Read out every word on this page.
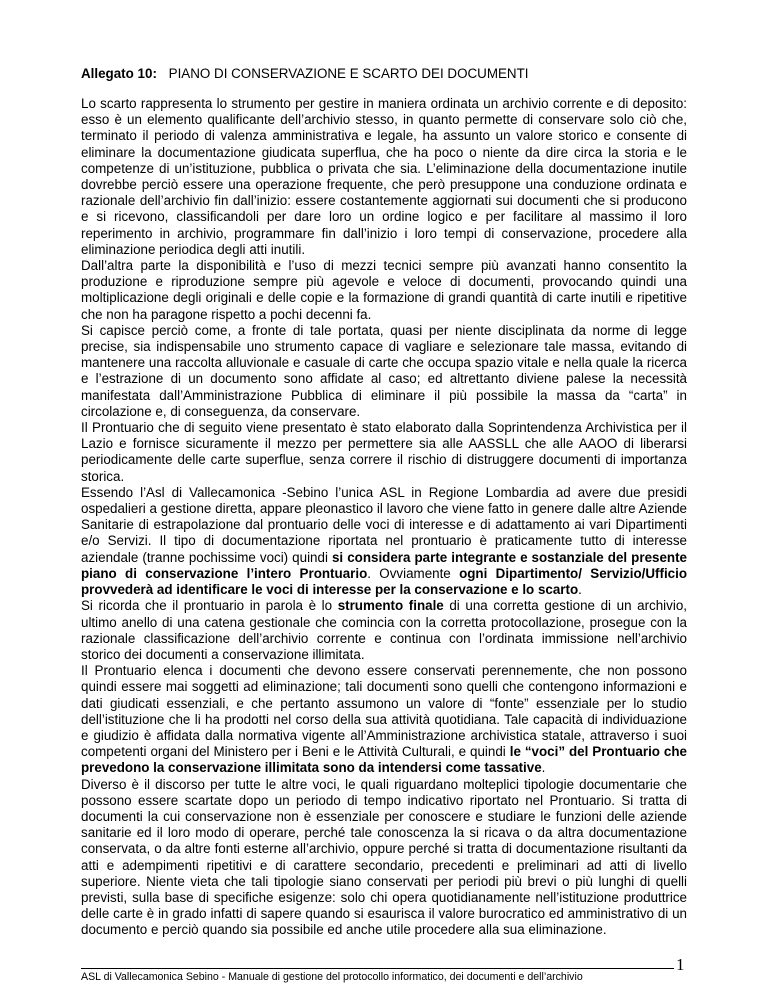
Allegato 10: PIANO DI CONSERVAZIONE E SCARTO DEI DOCUMENTI

Lo scarto rappresenta lo strumento per gestire in maniera ordinata un archivio corrente e di deposito: esso è un elemento qualificante dell’archivio stesso, in quanto permette di conservare solo ciò che, terminato il periodo di valenza amministrativa e legale, ha assunto un valore storico e consente di eliminare la documentazione giudicata superflua, che ha poco o niente da dire circa la storia e le competenze di un’istituzione, pubblica o privata che sia. L’eliminazione della documentazione inutile dovrebbe perciò essere una operazione frequente, che però presuppone una conduzione ordinata e razionale dell’archivio fin dall’inizio: essere costantemente aggiornati sui documenti che si producono e si ricevono, classificandoli per dare loro un ordine logico e per facilitare al massimo il loro reperimento in archivio, programmare fin dall’inizio i loro tempi di conservazione, procedere alla eliminazione periodica degli atti inutili.

Dall’altra parte la disponibilità e l’uso di mezzi tecnici sempre più avanzati hanno consentito la produzione e riproduzione sempre più agevole e veloce di documenti, provocando quindi una moltiplicazione degli originali e delle copie e la formazione di grandi quantità di carte inutili e ripetitive che non ha paragone rispetto a pochi decenni fa.

Si capisce perciò come, a fronte di tale portata, quasi per niente disciplinata da norme di legge precise, sia indispensabile uno strumento capace di vagliare e selezionare tale massa, evitando di mantenere una raccolta alluvionale e casuale di carte che occupa spazio vitale e nella quale la ricerca e l’estrazione di un documento sono affidate al caso; ed altrettanto diviene palese la necessità manifestata dall’Amministrazione Pubblica di eliminare il più possibile la massa da “carta” in circolazione e, di conseguenza, da conservare.

Il Prontuario che di seguito viene presentato è stato elaborato dalla Soprintendenza Archivistica per il Lazio e fornisce sicuramente il mezzo per permettere sia alle AASSLL che alle AAOO di liberarsi periodicamente delle carte superflue, senza correre il rischio di distruggere documenti di importanza storica.

Essendo l’Asl di Vallecamonica -Sebino l’unica ASL in Regione Lombardia ad avere due presidi ospedalieri a gestione diretta, appare pleonastico il lavoro che viene fatto in genere dalle altre Aziende Sanitarie di estrapolazione dal prontuario delle voci di interesse e di adattamento ai vari Dipartimenti e/o Servizi. Il tipo di documentazione riportata nel prontuario è praticamente tutto di interesse aziendale (tranne pochissime voci) quindi si considera parte integrante e sostanziale del presente piano di conservazione l’intero Prontuario. Ovviamente ogni Dipartimento/ Servizio/Ufficio provvederà ad identificare le voci di interesse per la conservazione e lo scarto.

Si ricorda che il prontuario in parola è lo strumento finale di una corretta gestione di un archivio, ultimo anello di una catena gestionale che comincia con la corretta protocollazione, prosegue con la razionale classificazione dell’archivio corrente e continua con l’ordinata immissione nell’archivio storico dei documenti a conservazione illimitata.

Il Prontuario elenca i documenti che devono essere conservati perennemente, che non possono quindi essere mai soggetti ad eliminazione; tali documenti sono quelli che contengono informazioni e dati giudicati essenziali, e che pertanto assumono un valore di “fonte” essenziale per lo studio dell’istituzione che li ha prodotti nel corso della sua attività quotidiana. Tale capacità di individuazione e giudizio è affidata dalla normativa vigente all’Amministrazione archivistica statale, attraverso i suoi competenti organi del Ministero per i Beni e le Attività Culturali, e quindi le “voci” del Prontuario che prevedono la conservazione illimitata sono da intendersi come tassative.

Diverso è il discorso per tutte le altre voci, le quali riguardano molteplici tipologie documentarie che possono essere scartate dopo un periodo di tempo indicativo riportato nel Prontuario. Si tratta di documenti la cui conservazione non è essenziale per conoscere e studiare le funzioni delle aziende sanitarie ed il loro modo di operare, perché tale conoscenza la si ricava o da altra documentazione conservata, o da altre fonti esterne all’archivio, oppure perché si tratta di documentazione risultanti da atti e adempimenti ripetitivi e di carattere secondario, precedenti e preliminari ad atti di livello superiore. Niente vieta che tali tipologie siano conservati per periodi più brevi o più lunghi di quelli previsti, sulla base di specifiche esigenze: solo chi opera quotidianamente nell’istituzione produttrice delle carte è in grado infatti di sapere quando si esaurisca il valore burocratico ed amministrativo di un documento e perciò quando sia possibile ed anche utile procedere alla sua eliminazione.

ASL di Vallecamonica Sebino - Manuale di gestione del protocollo informatico, dei documenti e dell’archivio
1
